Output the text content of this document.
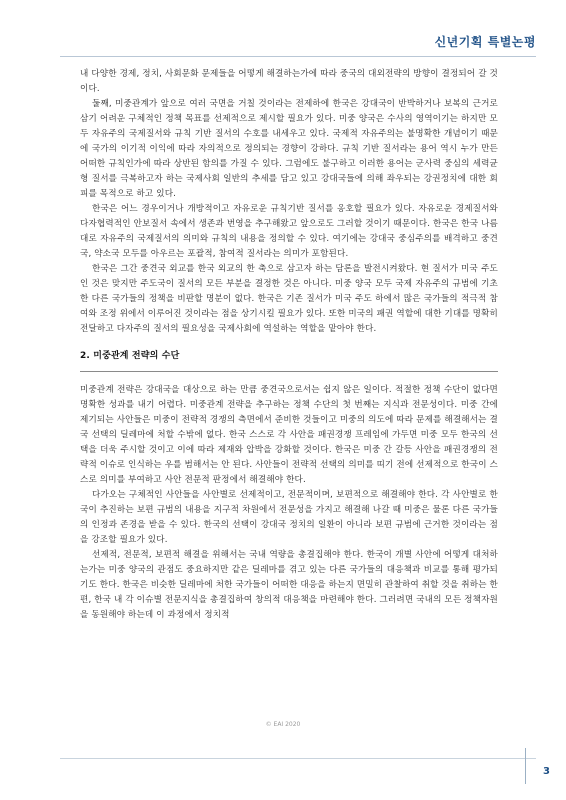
신년기획 특별논평

내 다양한 경제, 정치, 사회문화 문제들을 어떻게 해결하는가에 따라 중국의 대외전략의 방향이 결정되어 갈 것이다.

둘째, 미중관계가 앞으로 여러 국면을 거칠 것이라는 전제하에 한국은 강대국이 반박하거나 보복의 근거로 삼기 어려운 구체적인 정책 목표를 선제적으로 제시할 필요가 있다. 미중 양국은 수사의 영역이기는 하지만 모두 자유주의 국제질서와 규칙 기반 질서의 수호를 내세우고 있다. 국제적 자유주의는 불명확한 개념이기 때문에 국가의 이기적 이익에 따라 자의적으로 정의되는 경향이 강하다. 규칙 기반 질서라는 용어 역시 누가 만든 어떠한 규칙인가에 따라 상반된 함의를 가질 수 있다. 그럼에도 불구하고 이러한 용어는 군사력 중심의 세력균형 질서를 극복하고자 하는 국제사회 일반의 추세를 담고 있고 강대국들에 의해 좌우되는 강권정치에 대한 회피를 목적으로 하고 있다.

한국은 어느 경우이거나 개방적이고 자유로운 규칙기반 질서를 옹호할 필요가 있다. 자유로운 경제질서와 다자협력적인 안보질서 속에서 생존과 번영을 추구해왔고 앞으로도 그러할 것이기 때문이다. 한국은 한국 나름대로 자유주의 국제질서의 의미와 규칙의 내용을 정의할 수 있다. 여기에는 강대국 중심주의를 배격하고 중견국, 약소국 모두를 아우르는 포괄적, 참여적 질서라는 의미가 포함된다.

한국은 그간 중견국 외교를 한국 외교의 한 축으로 삼고자 하는 담론을 발전시켜왔다. 현 질서가 미국 주도인 것은 맞지만 주도국이 질서의 모든 부분을 결정한 것은 아니다. 미중 양국 모두 국제 자유주의 규범에 기초한 다른 국가들의 정책을 비판할 명분이 없다. 한국은 기존 질서가 미국 주도 하에서 많은 국가들의 적극적 참여와 조정 위에서 이루어진 것이라는 점을 상기시킬 필요가 있다. 또한 미국의 패권 역할에 대한 기대를 명확히 전달하고 다자주의 질서의 필요성을 국제사회에 역설하는 역할을 맡아야 한다.

2. 미중관계 전략의 수단

미중관계 전략은 강대국을 대상으로 하는 만큼 중견국으로서는 쉽지 않은 일이다. 적절한 정책 수단이 없다면 명확한 성과를 내기 어렵다. 미중관계 전략을 추구하는 정책 수단의 첫 번째는 지식과 전문성이다. 미중 간에 제기되는 사안들은 미중이 전략적 경쟁의 측면에서 준비한 것들이고 미중의 의도에 따라 문제를 해결해서는 결국 선택의 딜레마에 처할 수밖에 없다. 한국 스스로 각 사안을 패권경쟁 프레임에 가두면 미중 모두 한국의 선택을 더욱 주시할 것이고 이에 따라 제재와 압박을 강화할 것이다. 한국은 미중 간 갈등 사안을 패권경쟁의 전략적 이슈로 인식하는 우를 범해서는 안 된다. 사안들이 전략적 선택의 의미를 띠기 전에 선제적으로 한국이 스스로 의미를 부여하고 사안 전문적 판정에서 해결해야 한다.

다가오는 구체적인 사안들을 사안별로 선제적이고, 전문적이며, 보편적으로 해결해야 한다. 각 사안별로 한국이 추진하는 보편 규범의 내용을 지구적 차원에서 전문성을 가지고 해결해 나갈 때 미중은 물론 다른 국가들의 인정과 존경을 받을 수 있다. 한국의 선택이 강대국 정치의 일환이 아니라 보편 규범에 근거한 것이라는 점을 강조할 필요가 있다.

선제적, 전문적, 보편적 해결을 위해서는 국내 역량을 총결집해야 한다. 한국이 개별 사안에 어떻게 대처하는가는 미중 양국의 관점도 중요하지만 같은 딜레마를 겪고 있는 다른 국가들의 대응책과 비교를 통해 평가되기도 한다. 한국은 비슷한 딜레마에 처한 국가들이 어떠한 대응을 하는지 면밀히 관찰하여 취할 것을 취하는 한편, 한국 내 각 이슈별 전문지식을 총결집하여 창의적 대응책을 마련해야 한다. 그러려면 국내의 모든 정책자원을 동원해야 하는데 이 과정에서 정치적

© EAI 2020
3
